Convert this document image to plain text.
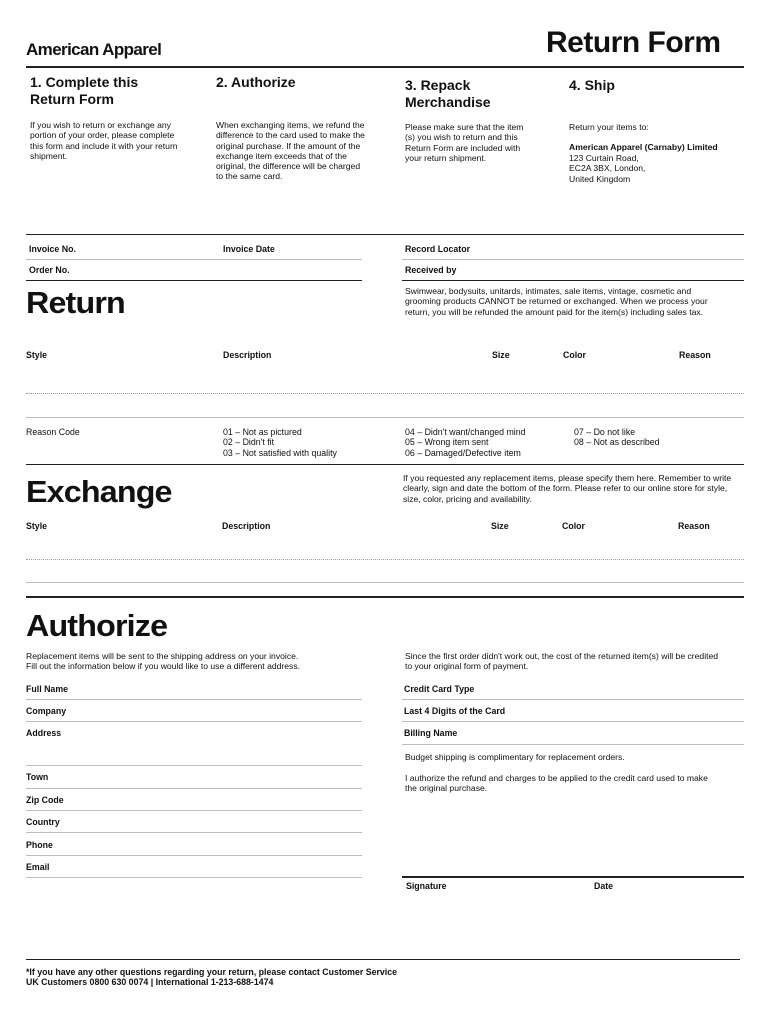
American Apparel	Return Form
1. Complete this
Return Form
If you wish to return or exchange any
portion of your order, please complete
this form and include it with your return
shipment.
2. Authorize
When exchanging items, we refund the
difference to the card used to make the
original purchase. If the amount of the
exchange item exceeds that of the
original, the difference will be charged
to the same card.
3. Repack
Merchandise
Please make sure that the item
(s) you wish to return and this
Return Form are included with
your return shipment.
4. Ship
Return your items to:
American Apparel (Carnaby) Limited
123 Curtain Road,
EC2A 3BX, London,
United Kingdom
Invoice No.	Invoice Date	Record Locator
Order No.	Received by
Return	Swimwear, bodysuits, unitards, intimates, sale items, vintage, cosmetic and
grooming products CANNOT be returned or exchanged. When we process your
return, you will be refunded the amount paid for the item(s) including sales tax.
Style	Description	Size	Color	Reason
Reason Code	01 – Not as pictured
02 – Didn't fit
03 – Not satisfied with quality
04 – Didn't want/changed mind
05 – Wrong item sent
06 – Damaged/Defective item
07 – Do not like
08 – Not as described
Exchange	If you requested any replacement items, please specify them here. Remember to write
clearly, sign and date the bottom of the form. Please refer to our online store for style,
size, color, pricing and availability.
Style	Description	Size	Color	Reason
Authorize
Replacement items will be sent to the shipping address on your invoice.
Fill out the information below if you would like to use a different address.
Since the first order didn't work out, the cost of the returned item(s) will be credited
to your original form of payment.
Full Name
Company
Address
Town
Zip Code
Country
Phone
Email
Credit Card Type
Last 4 Digits of the Card
Billing Name
Budget shipping is complimentary for replacement orders.
I authorize the refund and charges to be applied to the credit card used to make
the original purchase.
Signature	Date
*If you have any other questions regarding your return, please contact Customer Service
UK Customers 0800 630 0074 | International 1-213-688-1474
